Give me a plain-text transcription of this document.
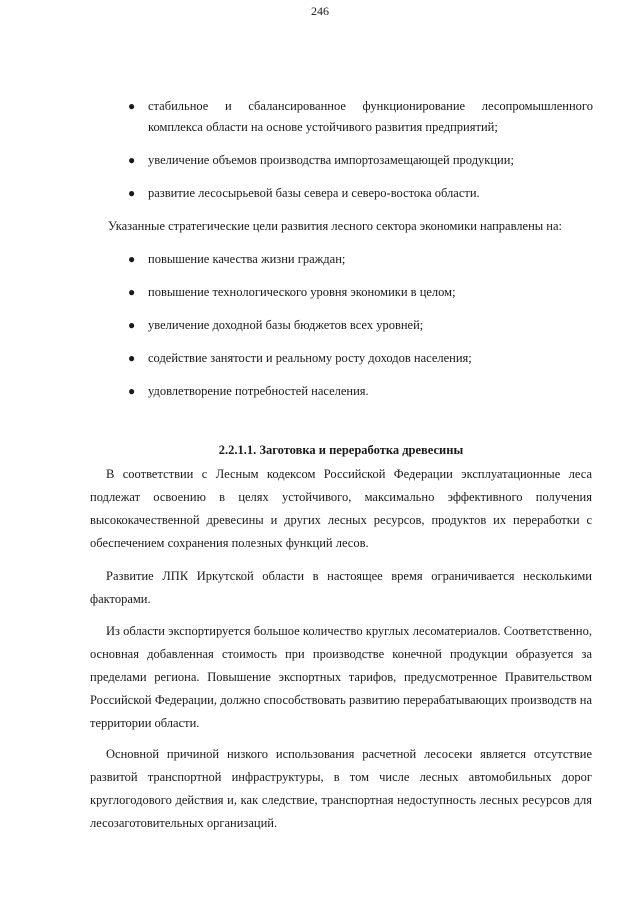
246
● стабильное и сбалансированное функционирование лесопромышленного комплекса области на основе устойчивого развития предприятий;
● увеличение объемов производства импортозамещающей продукции;
● развитие лесосырьевой базы севера и северо-востока области.

Указанные стратегические цели развития лесного сектора экономики направлены на:

● повышение качества жизни граждан;
● повышение технологического уровня экономики в целом;
● увеличение доходной базы бюджетов всех уровней;
● содействие занятости и реальному росту доходов населения;
● удовлетворение потребностей населения.
2.2.1.1. Заготовка и переработка древесины

В соответствии с Лесным кодексом Российской Федерации эксплуатационные леса подлежат освоению в целях устойчивого, максимально эффективного получения высококачественной древесины и других лесных ресурсов, продуктов их переработки с обеспечением сохранения полезных функций лесов.

Развитие ЛПК Иркутской области в настоящее время ограничивается несколькими факторами.

Из области экспортируется большое количество круглых лесоматериалов. Соответственно, основная добавленная стоимость при производстве конечной продукции образуется за пределами региона. Повышение экспортных тарифов, предусмотренное Правительством Российской Федерации, должно способствовать развитию перерабатывающих производств на территории области.

Основной причиной низкого использования расчетной лесосеки является отсутствие развитой транспортной инфраструктуры, в том числе лесных автомобильных дорог круглогодового действия и, как следствие, транспортная недоступность лесных ресурсов для лесозаготовительных организаций.
